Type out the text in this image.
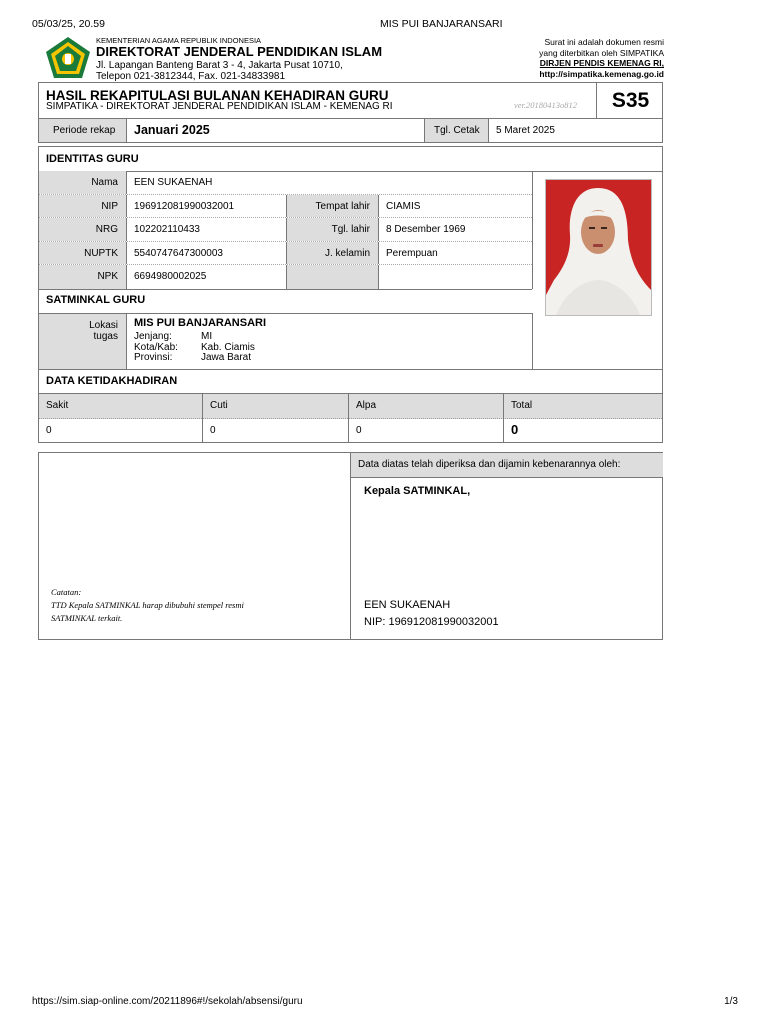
05/03/25, 20.59	MIS PUI BANJARANSARI
KEMENTERIAN AGAMA REPUBLIK INDONESIA
DIREKTORAT JENDERAL PENDIDIKAN ISLAM
Jl. Lapangan Banteng Barat 3 - 4, Jakarta Pusat 10710,
Telepon 021-3812344, Fax. 021-34833981
Surat ini adalah dokumen resmi
yang diterbitkan oleh SIMPATIKA
DIRJEN PENDIS KEMENAG RI,
http://simpatika.kemenag.go.id
HASIL REKAPITULASI BULANAN KEHADIRAN GURU
SIMPATIKA - DIREKTORAT JENDERAL PENDIDIKAN ISLAM - KEMENAG RI	ver.20180413o812	S35
Periode rekap Januari 2025	Tgl. Cetak 5 Maret 2025
IDENTITAS GURU
Nama EEN SUKAENAH
NIP 196912081990032001	Tempat lahir CIAMIS
NRG 102202110433	Tgl. lahir 8 Desember 1969
NUPTK 5540747647300003	J. kelamin Perempuan
NPK 6694980002025
SATMINKAL GURU
Lokasi
tugas
MIS PUI BANJARANSARI
Jenjang:	MI
Kota/Kab: Kab. Ciamis
Provinsi:	Jawa Barat
DATA KETIDAKHADIRAN
Sakit	Cuti	Alpa	Total
0	0	0	0
Data diatas telah diperiksa dan dijamin kebenarannya oleh:
Kepala SATMINKAL,
EEN SUKAENAH
NIP: 196912081990032001
Catatan:
TTD Kepala SATMINKAL harap dibubuhi stempel resmi
SATMINKAL terkait.
https://sim.siap-online.com/20211896#!/sekolah/absensi/guru	1/3
